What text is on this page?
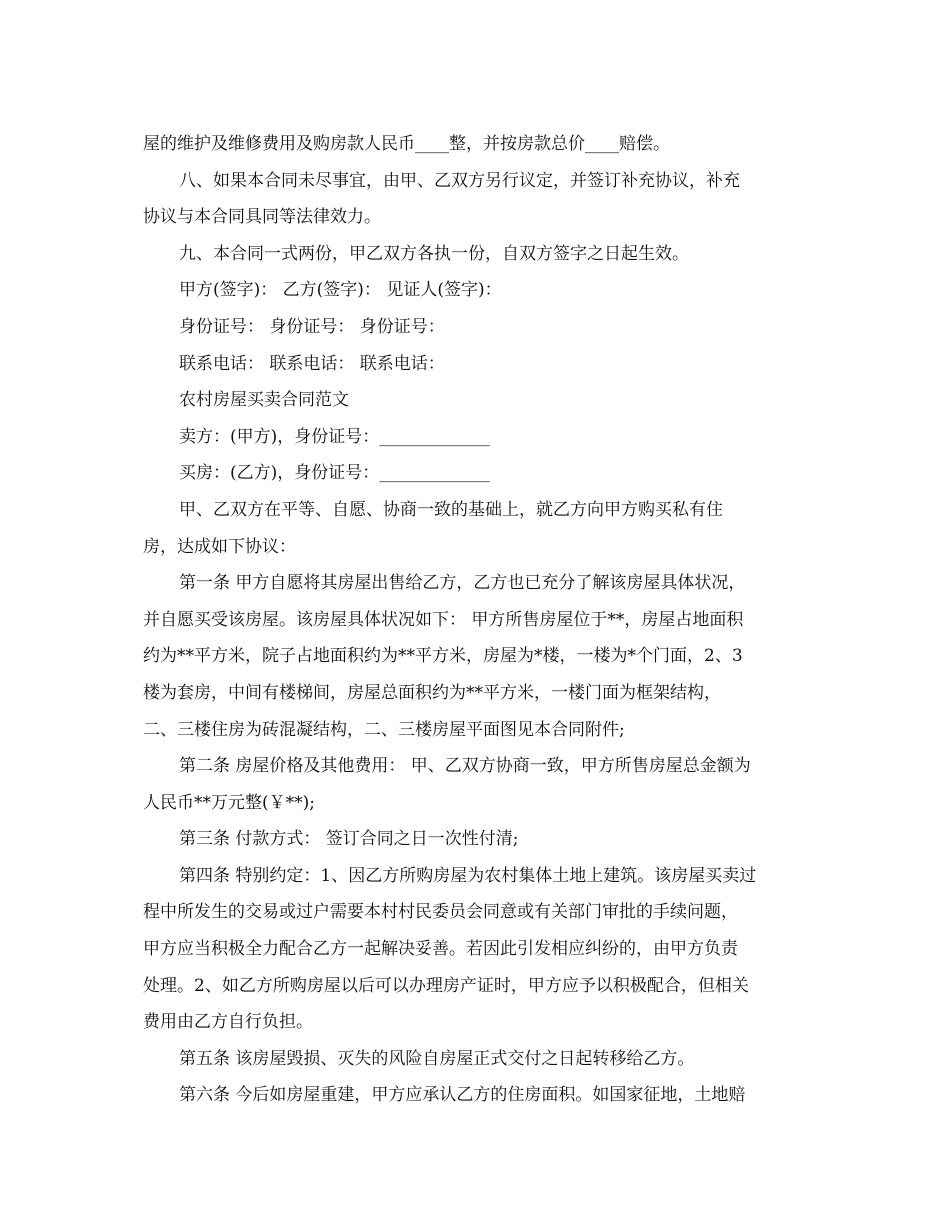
屋的维护及维修费用及购房款人民币____整，并按房款总价____赔偿。
八、如果本合同未尽事宜，由甲、乙双方另行议定，并签订补充协议，补充
协议与本合同具同等法律效力。
九、本合同一式两份，甲乙双方各执一份，自双方签字之日起生效。
甲方(签字)： 乙方(签字)： 见证人(签字)：
身份证号： 身份证号： 身份证号：
联系电话： 联系电话： 联系电话：
农村房屋买卖合同范文
卖方：(甲方)，身份证号：_____________
买房：(乙方)，身份证号：_____________
甲、乙双方在平等、自愿、协商一致的基础上，就乙方向甲方购买私有住
房，达成如下协议：
第一条 甲方自愿将其房屋出售给乙方，乙方也已充分了解该房屋具体状况，
并自愿买受该房屋。该房屋具体状况如下： 甲方所售房屋位于**，房屋占地面积
约为**平方米，院子占地面积约为**平方米，房屋为*楼，一楼为*个门面，2、3
楼为套房，中间有楼梯间，房屋总面积约为**平方米，一楼门面为框架结构，
二、三楼住房为砖混凝结构，二、三楼房屋平面图见本合同附件;
第二条 房屋价格及其他费用： 甲、乙双方协商一致，甲方所售房屋总金额为
人民币**万元整(￥**);
第三条 付款方式： 签订合同之日一次性付清;
第四条 特别约定：1、因乙方所购房屋为农村集体土地上建筑。该房屋买卖过
程中所发生的交易或过户需要本村村民委员会同意或有关部门审批的手续问题，
甲方应当积极全力配合乙方一起解决妥善。若因此引发相应纠纷的，由甲方负责
处理。2、如乙方所购房屋以后可以办理房产证时，甲方应予以积极配合，但相关
费用由乙方自行负担。
第五条 该房屋毁损、灭失的风险自房屋正式交付之日起转移给乙方。
第六条 今后如房屋重建，甲方应承认乙方的住房面积。如国家征地，土地赔
